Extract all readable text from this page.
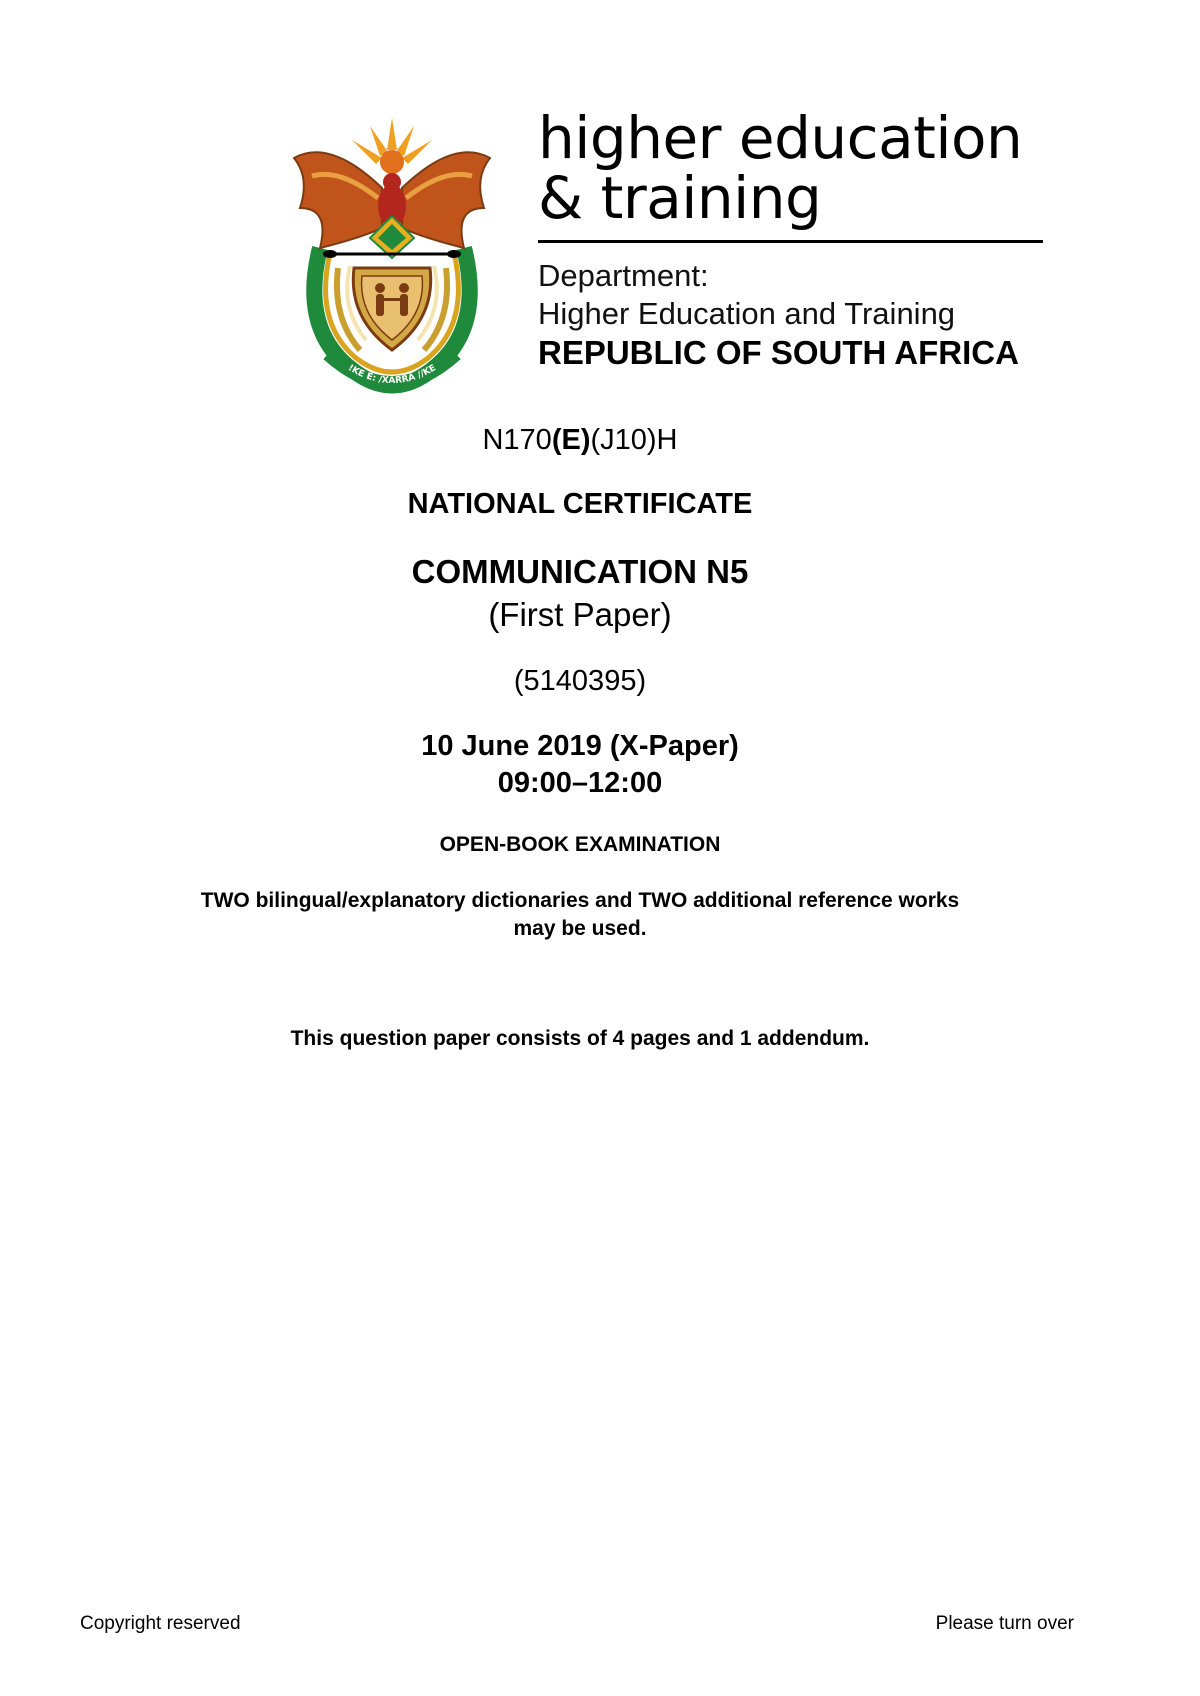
!KE E: /XARRA //KE
higher education
& training
Department:
Higher Education and Training
REPUBLIC OF SOUTH AFRICA
N170(E)(J10)H
NATIONAL CERTIFICATE
COMMUNICATION N5
(First Paper)
(5140395)
10 June 2019 (X-Paper)
09:00–12:00
OPEN-BOOK EXAMINATION
TWO bilingual/explanatory dictionaries and TWO additional reference works
may be used.
This question paper consists of 4 pages and 1 addendum.
Copyright reserved	Please turn over
